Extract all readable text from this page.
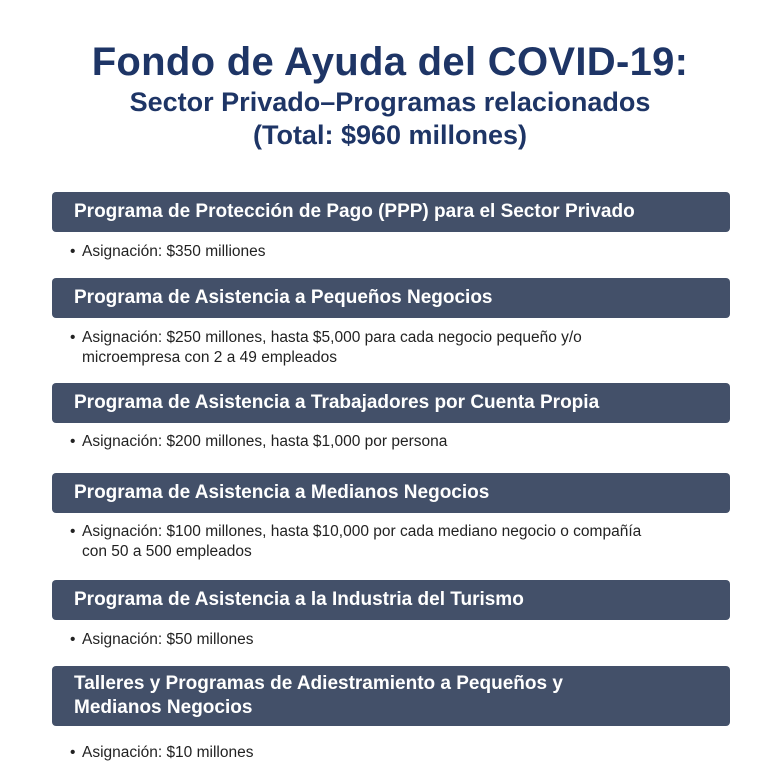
Fondo de Ayuda del COVID-19:
Sector Privado–Programas relacionados
(Total: $960 millones)
Programa de Protección de Pago (PPP) para el Sector Privado
• Asignación: $350 milliones
Programa de Asistencia a Pequeños Negocios
• Asignación: $250 millones, hasta $5,000 para cada negocio pequeño y/o microempresa con 2 a 49 empleados
Programa de Asistencia a Trabajadores por Cuenta Propia
• Asignación: $200 millones, hasta $1,000 por persona
Programa de Asistencia a Medianos Negocios
• Asignación: $100 millones, hasta $10,000 por cada mediano negocio o compañía con 50 a 500 empleados
Programa de Asistencia a la Industria del Turismo
• Asignación: $50 millones
Talleres y Programas de Adiestramiento a Pequeños y Medianos Negocios
• Asignación: $10 millones
